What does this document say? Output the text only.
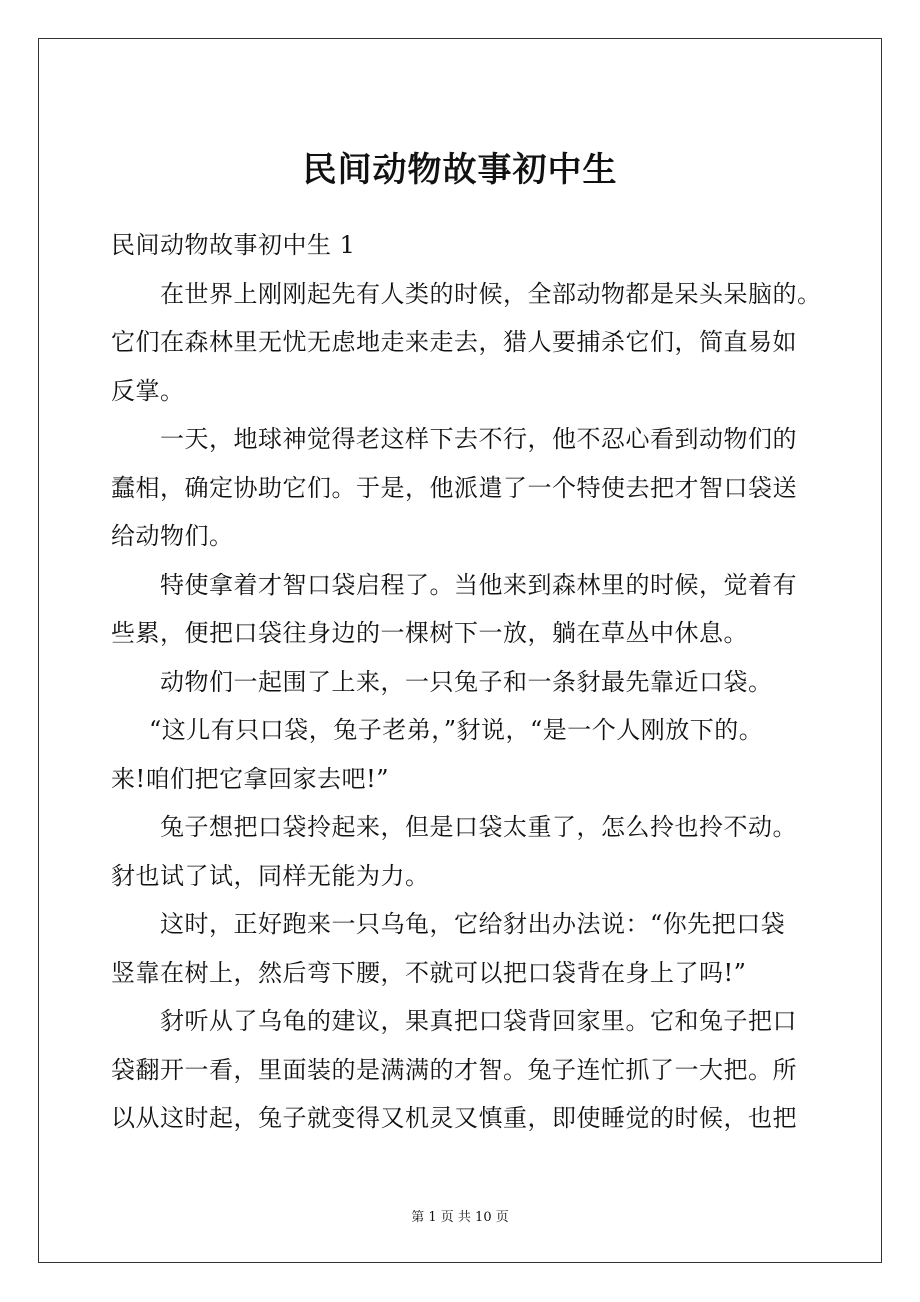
民间动物故事初中生
民间动物故事初中生 1
在世界上刚刚起先有人类的时候，全部动物都是呆头呆脑的。
它们在森林里无忧无虑地走来走去，猎人要捕杀它们，简直易如
反掌。
一天，地球神觉得老这样下去不行，他不忍心看到动物们的
蠢相，确定协助它们。于是，他派遣了一个特使去把才智口袋送
给动物们。
特使拿着才智口袋启程了。当他来到森林里的时候，觉着有
些累，便把口袋往身边的一棵树下一放，躺在草丛中休息。
动物们一起围了上来，一只兔子和一条豺最先靠近口袋。
“这儿有只口袋，兔子老弟，”豺说，“是一个人刚放下的。
来!咱们把它拿回家去吧!”
兔子想把口袋拎起来，但是口袋太重了，怎么拎也拎不动。
豺也试了试，同样无能为力。
这时，正好跑来一只乌龟，它给豺出办法说：“你先把口袋
竖靠在树上，然后弯下腰，不就可以把口袋背在身上了吗!”
豺听从了乌龟的建议，果真把口袋背回家里。它和兔子把口
袋翻开一看，里面装的是满满的才智。兔子连忙抓了一大把。所
以从这时起，兔子就变得又机灵又慎重，即使睡觉的时候，也把
第 1 页 共 10 页
